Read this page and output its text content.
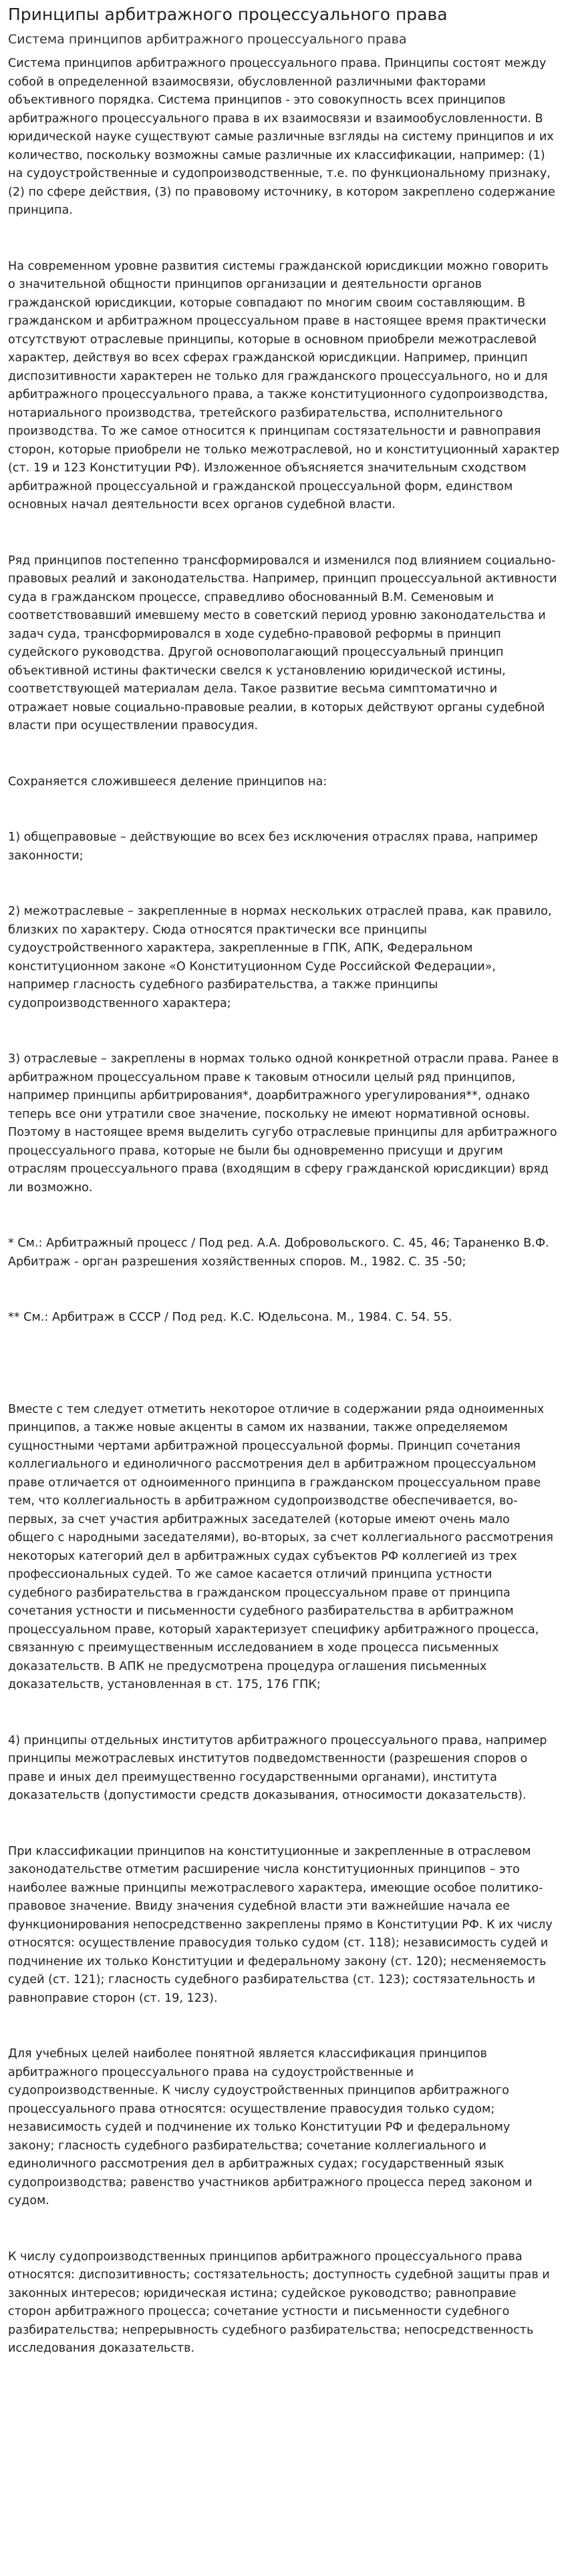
Принципы арбитражного процессуального права
Система принципов арбитражного процессуального права

Система принципов арбитражного процессуального права. Принципы состоят между собой в определенной взаимосвязи, обусловленной различными факторами объективного порядка. Система принципов - это совокупность всех принципов арбитражного процессуального права в их взаимосвязи и взаимообусловленности. В юридической науке существуют самые различные взгляды на систему принципов и их количество, поскольку возможны самые различные их классификации, например: (1) на судоустройственные и судопроизводственные, т.е. по функциональному признаку, (2) по сфере действия, (3) по правовому источнику, в котором закреплено содержание принципа.

На современном уровне развития системы гражданской юрисдикции можно говорить о значительной общности принципов организации и деятельности органов гражданской юрисдикции, которые совпадают по многим своим составляющим. В гражданском и арбитражном процессуальном праве в настоящее время практически отсутствуют отраслевые принципы, которые в основном приобрели межотраслевой характер, действуя во всех сферах гражданской юрисдикции. Например, принцип диспозитивности характерен не только для гражданского процессуального, но и для арбитражного процессуального права, а также конституционного судопроизводства, нотариального производства, третейского разбирательства, исполнительного производства. То же самое относится к принципам состязательности и равноправия сторон, которые приобрели не только межотраслевой, но и конституционный характер (ст. 19 и 123 Конституции РФ). Изложенное объясняется значительным сходством арбитражной процессуальной и гражданской процессуальной форм, единством основных начал деятельности всех органов судебной власти.

Ряд принципов постепенно трансформировался и изменился под влиянием социально-правовых реалий и законодательства. Например, принцип процессуальной активности суда в гражданском процессе, справедливо обоснованный В.М. Семеновым и соответствовавший имевшему место в советский период уровню законодательства и задач суда, трансформировался в ходе судебно-правовой реформы в принцип судейского руководства. Другой основополагающий процессуальный принцип объективной истины фактически свелся к установлению юридической истины, соответствующей материалам дела. Такое развитие весьма симптоматично и отражает новые социально-правовые реалии, в которых действуют органы судебной власти при осуществлении правосудия.

Сохраняется сложившееся деление принципов на:

1) общеправовые – действующие во всех без исключения отраслях права, например законности;

2) межотраслевые – закрепленные в нормах нескольких отраслей права, как правило, близких по характеру. Сюда относятся практически все принципы судоустройственного характера, закрепленные в ГПК, АПК, Федеральном конституционном законе «О Конституционном Суде Российской Федерации», например гласность судебного разбирательства, а также принципы судопроизводственного характера;

3) отраслевые – закреплены в нормах только одной конкретной отрасли права. Ранее в арбитражном процессуальном праве к таковым относили целый ряд принципов, например принципы арбитрирования*, доарбитражного урегулирования**, однако теперь все они утратили свое значение, поскольку не имеют нормативной основы. Поэтому в настоящее время выделить сугубо отраслевые принципы для арбитражного процессуального права, которые не были бы одновременно присущи и другим отраслям процессуального права (входящим в сферу гражданской юрисдикции) вряд ли возможно.

* См.: Арбитражный процесс / Под ред. А.А. Добровольского. С. 45, 46; Тараненко В.Ф. Арбитраж - орган разрешения хозяйственных споров. М., 1982. С. 35 -50;

** См.: Арбитраж в СССР / Под ред. К.С. Юдельсона. М., 1984. С. 54. 55.

Вместе с тем следует отметить некоторое отличие в содержании ряда одноименных принципов, а также новые акценты в самом их названии, также определяемом сущностными чертами арбитражной процессуальной формы. Принцип сочетания коллегиального и единоличного рассмотрения дел в арбитражном процессуальном праве отличается от одноименного принципа в гражданском процессуальном праве тем, что коллегиальность в арбитражном судопроизводстве обеспечивается, во-первых, за счет участия арбитражных заседателей (которые имеют очень мало общего с народными заседателями), во-вторых, за счет коллегиального рассмотрения некоторых категорий дел в арбитражных судах субъектов РФ коллегией из трех профессиональных судей. То же самое касается отличий принципа устности судебного разбирательства в гражданском процессуальном праве от принципа сочетания устности и письменности судебного разбирательства в арбитражном процессуальном праве, который характеризует специфику арбитражного процесса, связанную с преимущественным исследованием в ходе процесса письменных доказательств. В АПК не предусмотрена процедура оглашения письменных доказательств, установленная в ст. 175, 176 ГПК;

4) принципы отдельных институтов арбитражного процессуального права, например принципы межотраслевых институтов подведомственности (разрешения споров о праве и иных дел преимущественно государственными органами), института доказательств (допустимости средств доказывания, относимости доказательств).

При классификации принципов на конституционные и закрепленные в отраслевом законодательстве отметим расширение числа конституционных принципов – это наиболее важные принципы межотраслевого характера, имеющие особое политико-правовое значение. Ввиду значения судебной власти эти важнейшие начала ее функционирования непосредственно закреплены прямо в Конституции РФ. К их числу относятся: осуществление правосудия только судом (ст. 118); независимость судей и подчинение их только Конституции и федеральному закону (ст. 120); несменяемость судей (ст. 121); гласность судебного разбирательства (ст. 123); состязательность и равноправие сторон (ст. 19, 123).

Для учебных целей наиболее понятной является классификация принципов арбитражного процессуального права на судоустройственные и судопроизводственные. К числу судоустройственных принципов арбитражного процессуального права относятся: осуществление правосудия только судом; независимость судей и подчинение их только Конституции РФ и федеральному закону; гласность судебного разбирательства; сочетание коллегиального и единоличного рассмотрения дел в арбитражных судах; государственный язык судопроизводства; равенство участников арбитражного процесса перед законом и судом.

К числу судопроизводственных принципов арбитражного процессуального права относятся: диспозитивность; состязательность; доступность судебной защиты прав и законных интересов; юридическая истина; судейское руководство; равноправие сторон арбитражного процесса; сочетание устности и письменности судебного разбирательства; непрерывность судебного разбирательства; непосредственность исследования доказательств.
